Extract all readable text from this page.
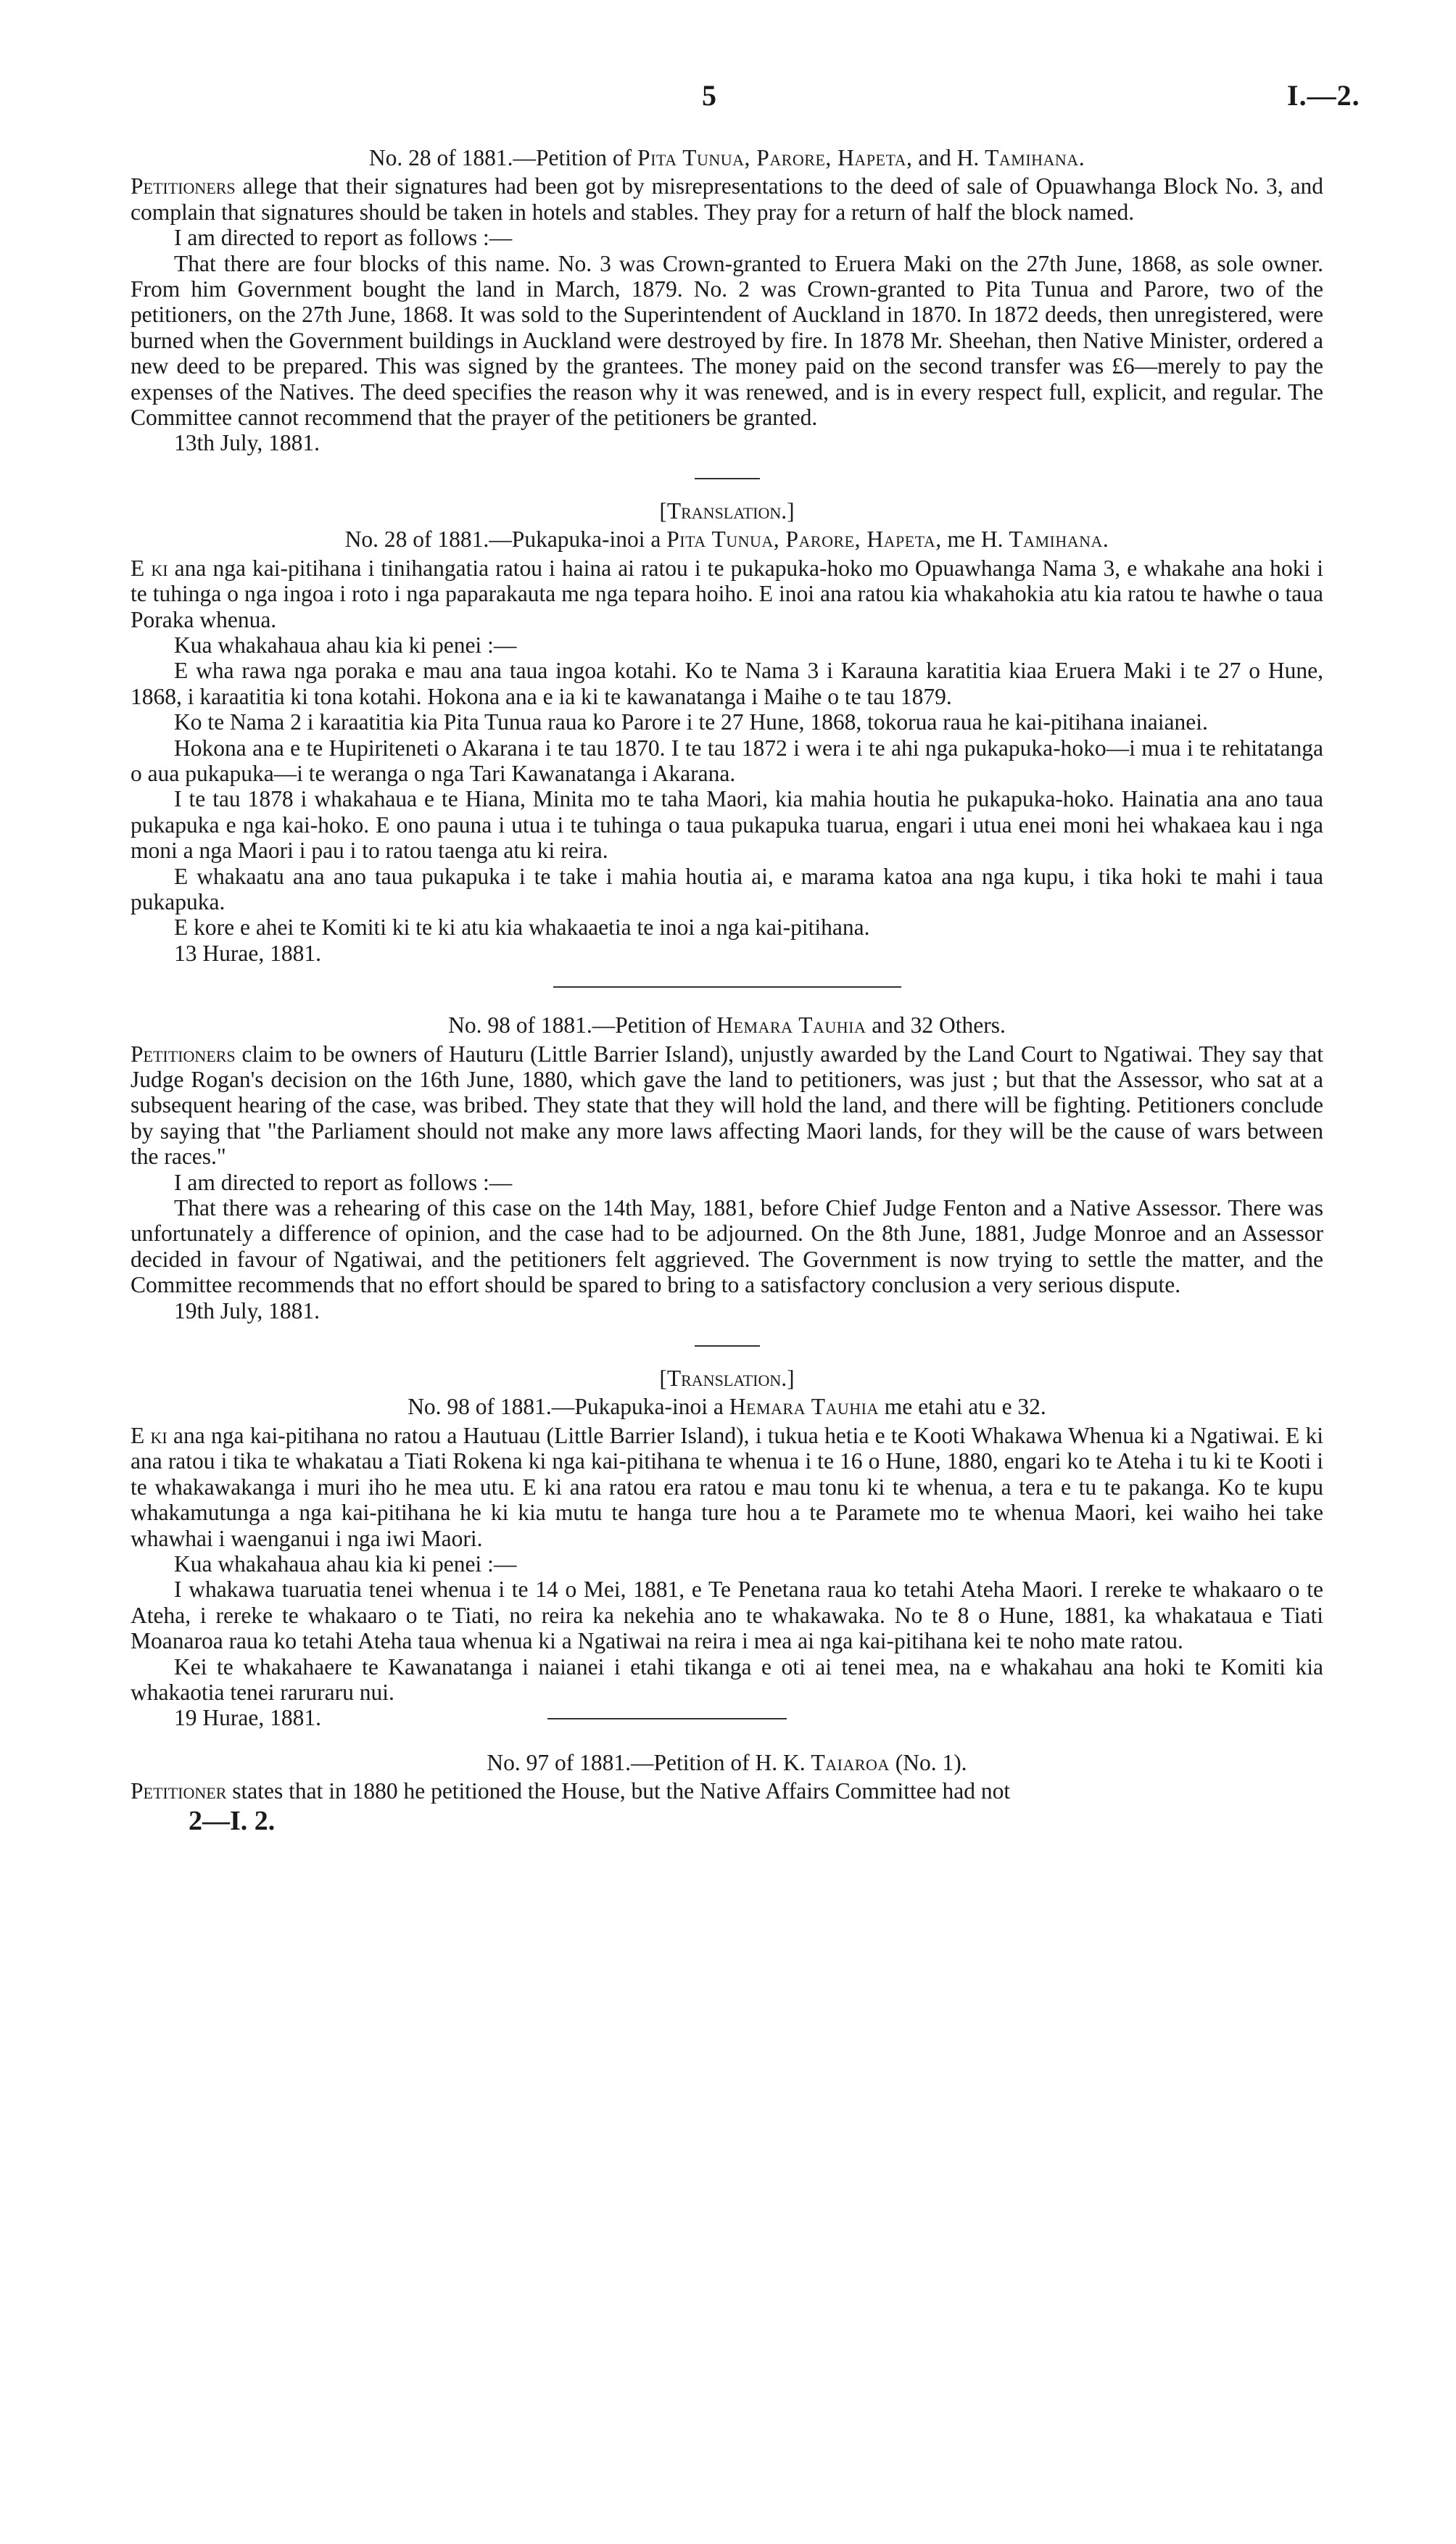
5	I.—2.
No. 28 of 1881.—Petition of Pita Tunua, Parore, Hapeta, and H. Tamihana.

Petitioners allege that their signatures had been got by misrepresentations to the deed of sale of Opuawhanga Block No. 3, and complain that signatures should be taken in hotels and stables. They pray for a return of half the block named.

I am directed to report as follows :—

That there are four blocks of this name. No. 3 was Crown-granted to Eruera Maki on the 27th June, 1868, as sole owner. From him Government bought the land in March, 1879. No. 2 was Crown-granted to Pita Tunua and Parore, two of the petitioners, on the 27th June, 1868. It was sold to the Superintendent of Auckland in 1870. In 1872 deeds, then unregistered, were burned when the Government buildings in Auckland were destroyed by fire. In 1878 Mr. Sheehan, then Native Minister, ordered a new deed to be prepared. This was signed by the grantees. The money paid on the second transfer was £6—merely to pay the expenses of the Natives. The deed specifies the reason why it was renewed, and is in every respect full, explicit, and regular. The Committee cannot recommend that the prayer of the petitioners be granted.

13th July, 1881.

[Translation.]
No. 28 of 1881.—Pukapuka-inoi a Pita Tunua, Parore, Hapeta, me H. Tamihana.

E ki ana nga kai-pitihana i tinihangatia ratou i haina ai ratou i te pukapuka-hoko mo Opuawhanga Nama 3, e whakahe ana hoki i te tuhinga o nga ingoa i roto i nga paparakauta me nga tepara hoiho. E inoi ana ratou kia whakahokia atu kia ratou te hawhe o taua Poraka whenua.

Kua whakahaua ahau kia ki penei :—

E wha rawa nga poraka e mau ana taua ingoa kotahi. Ko te Nama 3 i Karauna karatitia kiaa Eruera Maki i te 27 o Hune, 1868, i karaatitia ki tona kotahi. Hokona ana e ia ki te kawanatanga i Maihe o te tau 1879.

Ko te Nama 2 i karaatitia kia Pita Tunua raua ko Parore i te 27 Hune, 1868, tokorua raua he kai-pitihana inaianei.

Hokona ana e te Hupiriteneti o Akarana i te tau 1870. I te tau 1872 i wera i te ahi nga pukapuka-hoko—i mua i te rehitatanga o aua pukapuka—i te weranga o nga Tari Kawanatanga i Akarana.

I te tau 1878 i whakahaua e te Hiana, Minita mo te taha Maori, kia mahia houtia he pukapuka-hoko. Hainatia ana ano taua pukapuka e nga kai-hoko. E ono pauna i utua i te tuhinga o taua pukapuka tuarua, engari i utua enei moni hei whakaea kau i nga moni a nga Maori i pau i to ratou taenga atu ki reira.

E whakaatu ana ano taua pukapuka i te take i mahia houtia ai, e marama katoa ana nga kupu, i tika hoki te mahi i taua pukapuka.

E kore e ahei te Komiti ki te ki atu kia whakaaetia te inoi a nga kai-pitihana.

13 Hurae, 1881.

No. 98 of 1881.—Petition of Hemara Tauhia and 32 Others.

Petitioners claim to be owners of Hauturu (Little Barrier Island), unjustly awarded by the Land Court to Ngatiwai. They say that Judge Rogan's decision on the 16th June, 1880, which gave the land to petitioners, was just ; but that the Assessor, who sat at a subsequent hearing of the case, was bribed. They state that they will hold the land, and there will be fighting. Petitioners conclude by saying that "the Parliament should not make any more laws affecting Maori lands, for they will be the cause of wars between the races."

I am directed to report as follows :—

That there was a rehearing of this case on the 14th May, 1881, before Chief Judge Fenton and a Native Assessor. There was unfortunately a difference of opinion, and the case had to be adjourned. On the 8th June, 1881, Judge Monroe and an Assessor decided in favour of Ngatiwai, and the petitioners felt aggrieved. The Government is now trying to settle the matter, and the Committee recommends that no effort should be spared to bring to a satisfactory conclusion a very serious dispute.

19th July, 1881.

[Translation.]
No. 98 of 1881.—Pukapuka-inoi a Hemara Tauhia me etahi atu e 32.

E ki ana nga kai-pitihana no ratou a Hautuau (Little Barrier Island), i tukua hetia e te Kooti Whakawa Whenua ki a Ngatiwai. E ki ana ratou i tika te whakatau a Tiati Rokena ki nga kai-pitihana te whenua i te 16 o Hune, 1880, engari ko te Ateha i tu ki te Kooti i te whakawakanga i muri iho he mea utu. E ki ana ratou era ratou e mau tonu ki te whenua, a tera e tu te pakanga. Ko te kupu whakamutunga a nga kai-pitihana he ki kia mutu te hanga ture hou a te Paramete mo te whenua Maori, kei waiho hei take whawhai i waenganui i nga iwi Maori.

Kua whakahaua ahau kia ki penei :—

I whakawa tuaruatia tenei whenua i te 14 o Mei, 1881, e Te Penetana raua ko tetahi Ateha Maori. I rereke te whakaaro o te Ateha, i rereke te whakaaro o te Tiati, no reira ka nekehia ano te whakawaka. No te 8 o Hune, 1881, ka whakataua e Tiati Moanaroa raua ko tetahi Ateha taua whenua ki a Ngatiwai na reira i mea ai nga kai-pitihana kei te noho mate ratou.

Kei te whakahaere te Kawanatanga i naianei i etahi tikanga e oti ai tenei mea, na e whakahau ana hoki te Komiti kia whakaotia tenei raruraru nui.

19 Hurae, 1881.

No. 97 of 1881.—Petition of H. K. Taiaroa (No. 1).

Petitioner states that in 1880 he petitioned the House, but the Native Affairs Committee had not

2—I. 2.
